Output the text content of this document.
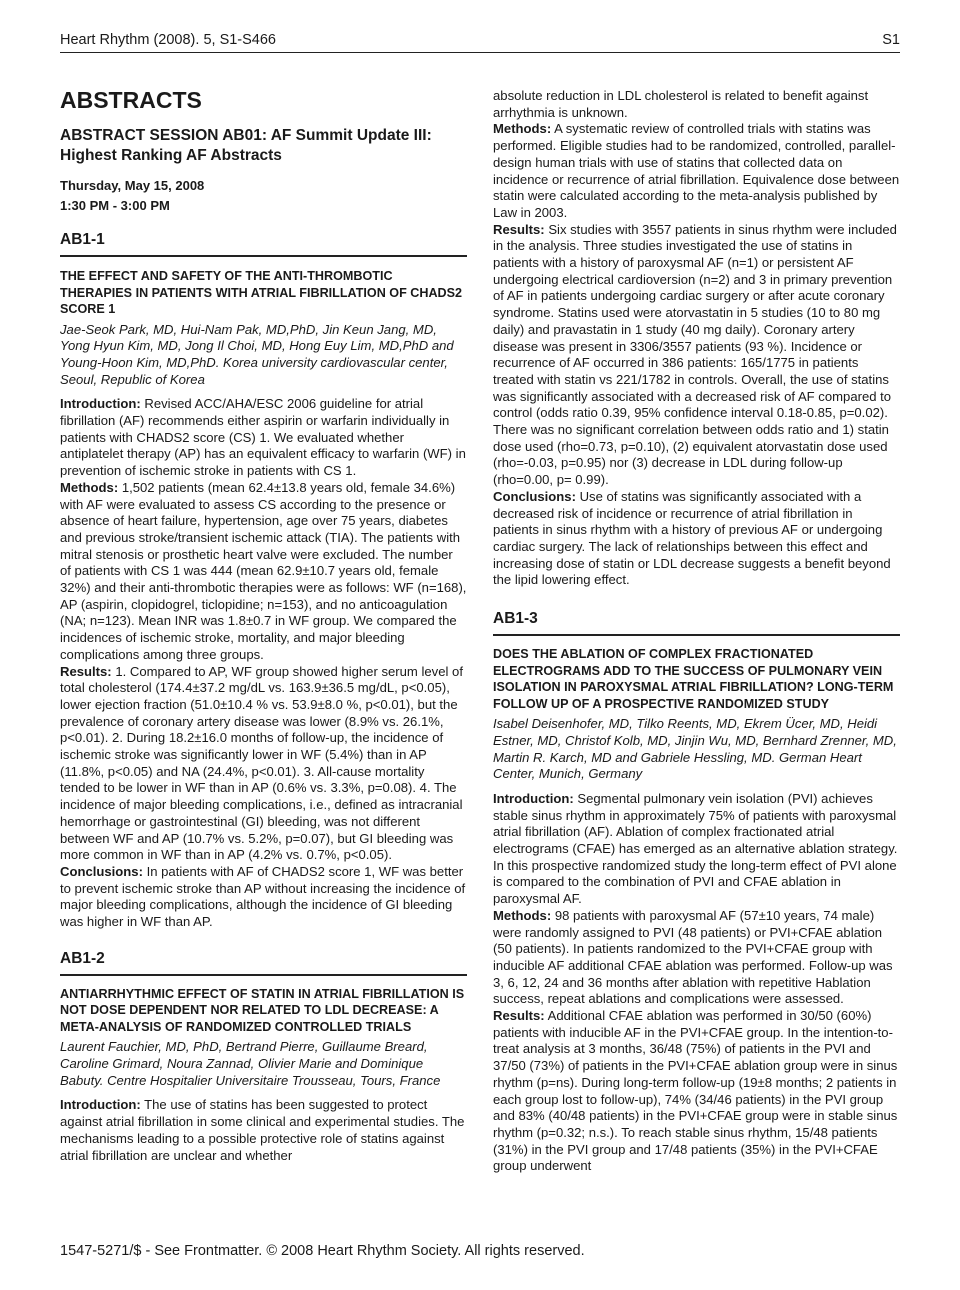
Heart Rhythm (2008). 5, S1-S466	S1
ABSTRACTS
ABSTRACT SESSION AB01: AF Summit Update III: Highest Ranking AF Abstracts

Thursday, May 15, 2008

1:30 PM - 3:00 PM

AB1-1

THE EFFECT AND SAFETY OF THE ANTI-THROMBOTIC THERAPIES IN PATIENTS WITH ATRIAL FIBRILLATION OF CHADS2 SCORE 1

Jae-Seok Park, MD, Hui-Nam Pak, MD,PhD, Jin Keun Jang, MD, Yong Hyun Kim, MD, Jong Il Choi, MD, Hong Euy Lim, MD,PhD and Young-Hoon Kim, MD,PhD. Korea university cardiovascular center, Seoul, Republic of Korea

Introduction: Revised ACC/AHA/ESC 2006 guideline for atrial fibrillation (AF) recommends either aspirin or warfarin individually in patients with CHADS2 score (CS) 1. We evaluated whether antiplatelet therapy (AP) has an equivalent efficacy to warfarin (WF) in prevention of ischemic stroke in patients with CS 1.

Methods: 1,502 patients (mean 62.4±13.8 years old, female 34.6%) with AF were evaluated to assess CS according to the presence or absence of heart failure, hypertension, age over 75 years, diabetes and previous stroke/transient ischemic attack (TIA). The patients with mitral stenosis or prosthetic heart valve were excluded. The number of patients with CS 1 was 444 (mean 62.9±10.7 years old, female 32%) and their anti-thrombotic therapies were as follows: WF (n=168), AP (aspirin, clopidogrel, ticlopidine; n=153), and no anticoagulation (NA; n=123). Mean INR was 1.8±0.7 in WF group. We compared the incidences of ischemic stroke, mortality, and major bleeding complications among three groups.

Results: 1. Compared to AP, WF group showed higher serum level of total cholesterol (174.4±37.2 mg/dL vs. 163.9±36.5 mg/dL, p<0.05), lower ejection fraction (51.0±10.4 % vs. 53.9±8.0 %, p<0.01), but the prevalence of coronary artery disease was lower (8.9% vs. 26.1%, p<0.01). 2. During 18.2±16.0 months of follow-up, the incidence of ischemic stroke was significantly lower in WF (5.4%) than in AP (11.8%, p<0.05) and NA (24.4%, p<0.01). 3. All-cause mortality tended to be lower in WF than in AP (0.6% vs. 3.3%, p=0.08). 4. The incidence of major bleeding complications, i.e., defined as intracranial hemorrhage or gastrointestinal (GI) bleeding, was not different between WF and AP (10.7% vs. 5.2%, p=0.07), but GI bleeding was more common in WF than in AP (4.2% vs. 0.7%, p<0.05).

Conclusions: In patients with AF of CHADS2 score 1, WF was better to prevent ischemic stroke than AP without increasing the incidence of major bleeding complications, although the incidence of GI bleeding was higher in WF than AP.

AB1-2

ANTIARRHYTHMIC EFFECT OF STATIN IN ATRIAL FIBRILLATION IS NOT DOSE DEPENDENT NOR RELATED TO LDL DECREASE: A META-ANALYSIS OF RANDOMIZED CONTROLLED TRIALS

Laurent Fauchier, MD, PhD, Bertrand Pierre, Guillaume Breard, Caroline Grimard, Noura Zannad, Olivier Marie and Dominique Babuty. Centre Hospitalier Universitaire Trousseau, Tours, France

Introduction: The use of statins has been suggested to protect against atrial fibrillation in some clinical and experimental studies. The mechanisms leading to a possible protective role of statins against atrial fibrillation are unclear and whether

absolute reduction in LDL cholesterol is related to benefit against arrhythmia is unknown.

Methods: A systematic review of controlled trials with statins was performed. Eligible studies had to be randomized, controlled, parallel-design human trials with use of statins that collected data on incidence or recurrence of atrial fibrillation. Equivalence dose between statin were calculated according to the meta-analysis published by Law in 2003.

Results: Six studies with 3557 patients in sinus rhythm were included in the analysis. Three studies investigated the use of statins in patients with a history of paroxysmal AF (n=1) or persistent AF undergoing electrical cardioversion (n=2) and 3 in primary prevention of AF in patients undergoing cardiac surgery or after acute coronary syndrome. Statins used were atorvastatin in 5 studies (10 to 80 mg daily) and pravastatin in 1 study (40 mg daily). Coronary artery disease was present in 3306/3557 patients (93 %). Incidence or recurrence of AF occurred in 386 patients: 165/1775 in patients treated with statin vs 221/1782 in controls. Overall, the use of statins was significantly associated with a decreased risk of AF compared to control (odds ratio 0.39, 95% confidence interval 0.18-0.85, p=0.02). There was no significant correlation between odds ratio and 1) statin dose used (rho=0.73, p=0.10), (2) equivalent atorvastatin dose used (rho=-0.03, p=0.95) nor (3) decrease in LDL during follow-up (rho=0.00, p= 0.99).

Conclusions: Use of statins was significantly associated with a decreased risk of incidence or recurrence of atrial fibrillation in patients in sinus rhythm with a history of previous AF or undergoing cardiac surgery. The lack of relationships between this effect and increasing dose of statin or LDL decrease suggests a benefit beyond the lipid lowering effect.

AB1-3

DOES THE ABLATION OF COMPLEX FRACTIONATED ELECTROGRAMS ADD TO THE SUCCESS OF PULMONARY VEIN ISOLATION IN PAROXYSMAL ATRIAL FIBRILLATION? LONG-TERM FOLLOW UP OF A PROSPECTIVE RANDOMIZED STUDY

Isabel Deisenhofer, MD, Tilko Reents, MD, Ekrem Ücer, MD, Heidi Estner, MD, Christof Kolb, MD, Jinjin Wu, MD, Bernhard Zrenner, MD, Martin R. Karch, MD and Gabriele Hessling, MD. German Heart Center, Munich, Germany

Introduction: Segmental pulmonary vein isolation (PVI) achieves stable sinus rhythm in approximately 75% of patients with paroxysmal atrial fibrillation (AF). Ablation of complex fractionated atrial electrograms (CFAE) has emerged as an alternative ablation strategy. In this prospective randomized study the long-term effect of PVI alone is compared to the combination of PVI and CFAE ablation in paroxysmal AF.

Methods: 98 patients with paroxysmal AF (57±10 years, 74 male) were randomly assigned to PVI (48 patients) or PVI+CFAE ablation (50 patients). In patients randomized to the PVI+CFAE group with inducible AF additional CFAE ablation was performed. Follow-up was 3, 6, 12, 24 and 36 months after ablation with repetitive Hablation success, repeat ablations and complications were assessed.

Results: Additional CFAE ablation was performed in 30/50 (60%) patients with inducible AF in the PVI+CFAE group. In the intention-to-treat analysis at 3 months, 36/48 (75%) of patients in the PVI and 37/50 (73%) of patients in the PVI+CFAE ablation group were in sinus rhythm (p=ns). During long-term follow-up (19±8 months; 2 patients in each group lost to follow-up), 74% (34/46 patients) in the PVI group and 83% (40/48 patients) in the PVI+CFAE group were in stable sinus rhythm (p=0.32; n.s.). To reach stable sinus rhythm, 15/48 patients (31%) in the PVI group and 17/48 patients (35%) in the PVI+CFAE group underwent

1547-5271/$ - See Frontmatter. © 2008 Heart Rhythm Society. All rights reserved.
